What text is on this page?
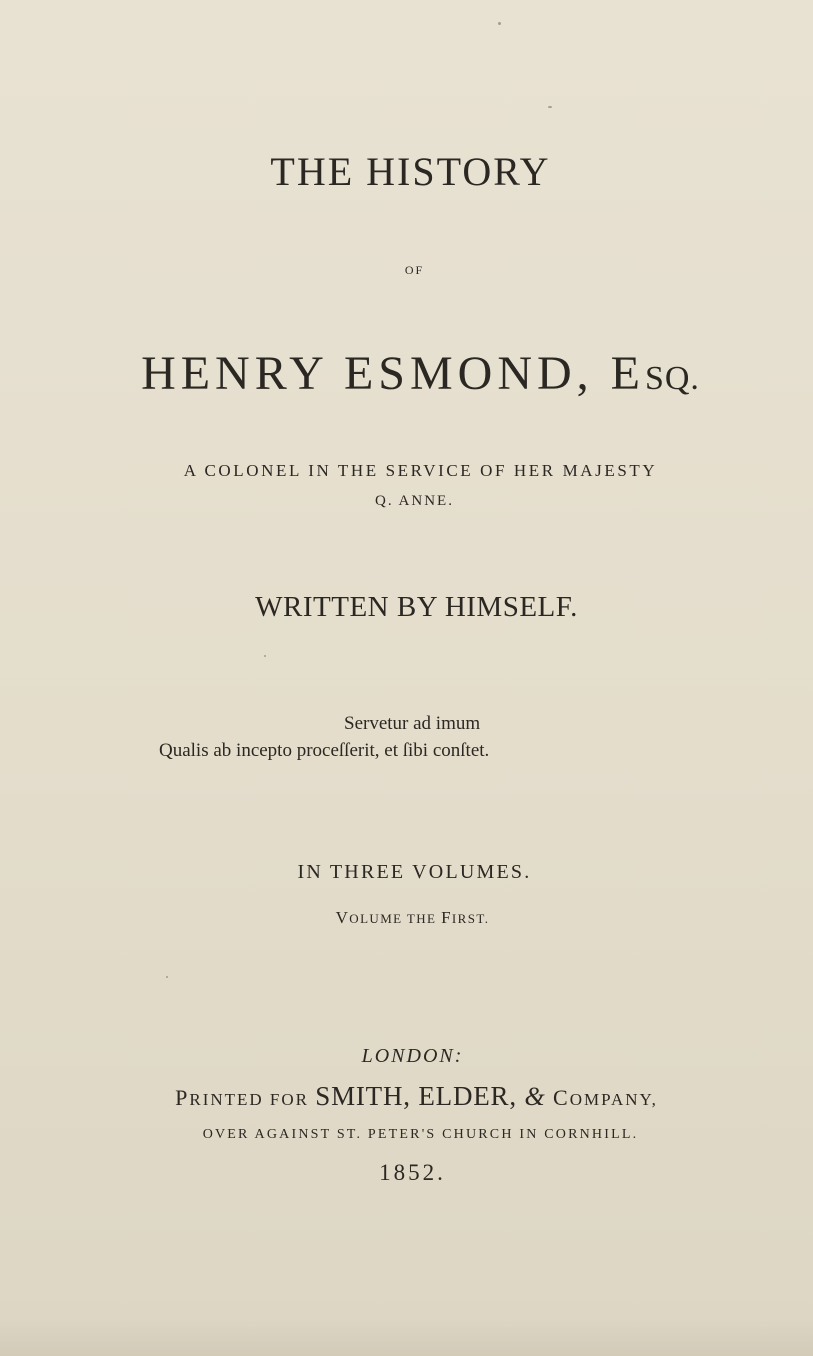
THE HISTORY
OF
HENRY ESMOND, ESQ.
A COLONEL IN THE SERVICE OF HER MAJESTY
Q. ANNE.
WRITTEN BY HIMSELF.
Servetur ad imum
Qualis ab incepto proceſſerit, et ſibi conſtet.
IN THREE VOLUMES.
VOLUME THE FIRST.
LONDON:
PRINTED FOR SMITH, ELDER, & COMPANY,
OVER AGAINST ST. PETER'S CHURCH IN CORNHILL.
1852.
